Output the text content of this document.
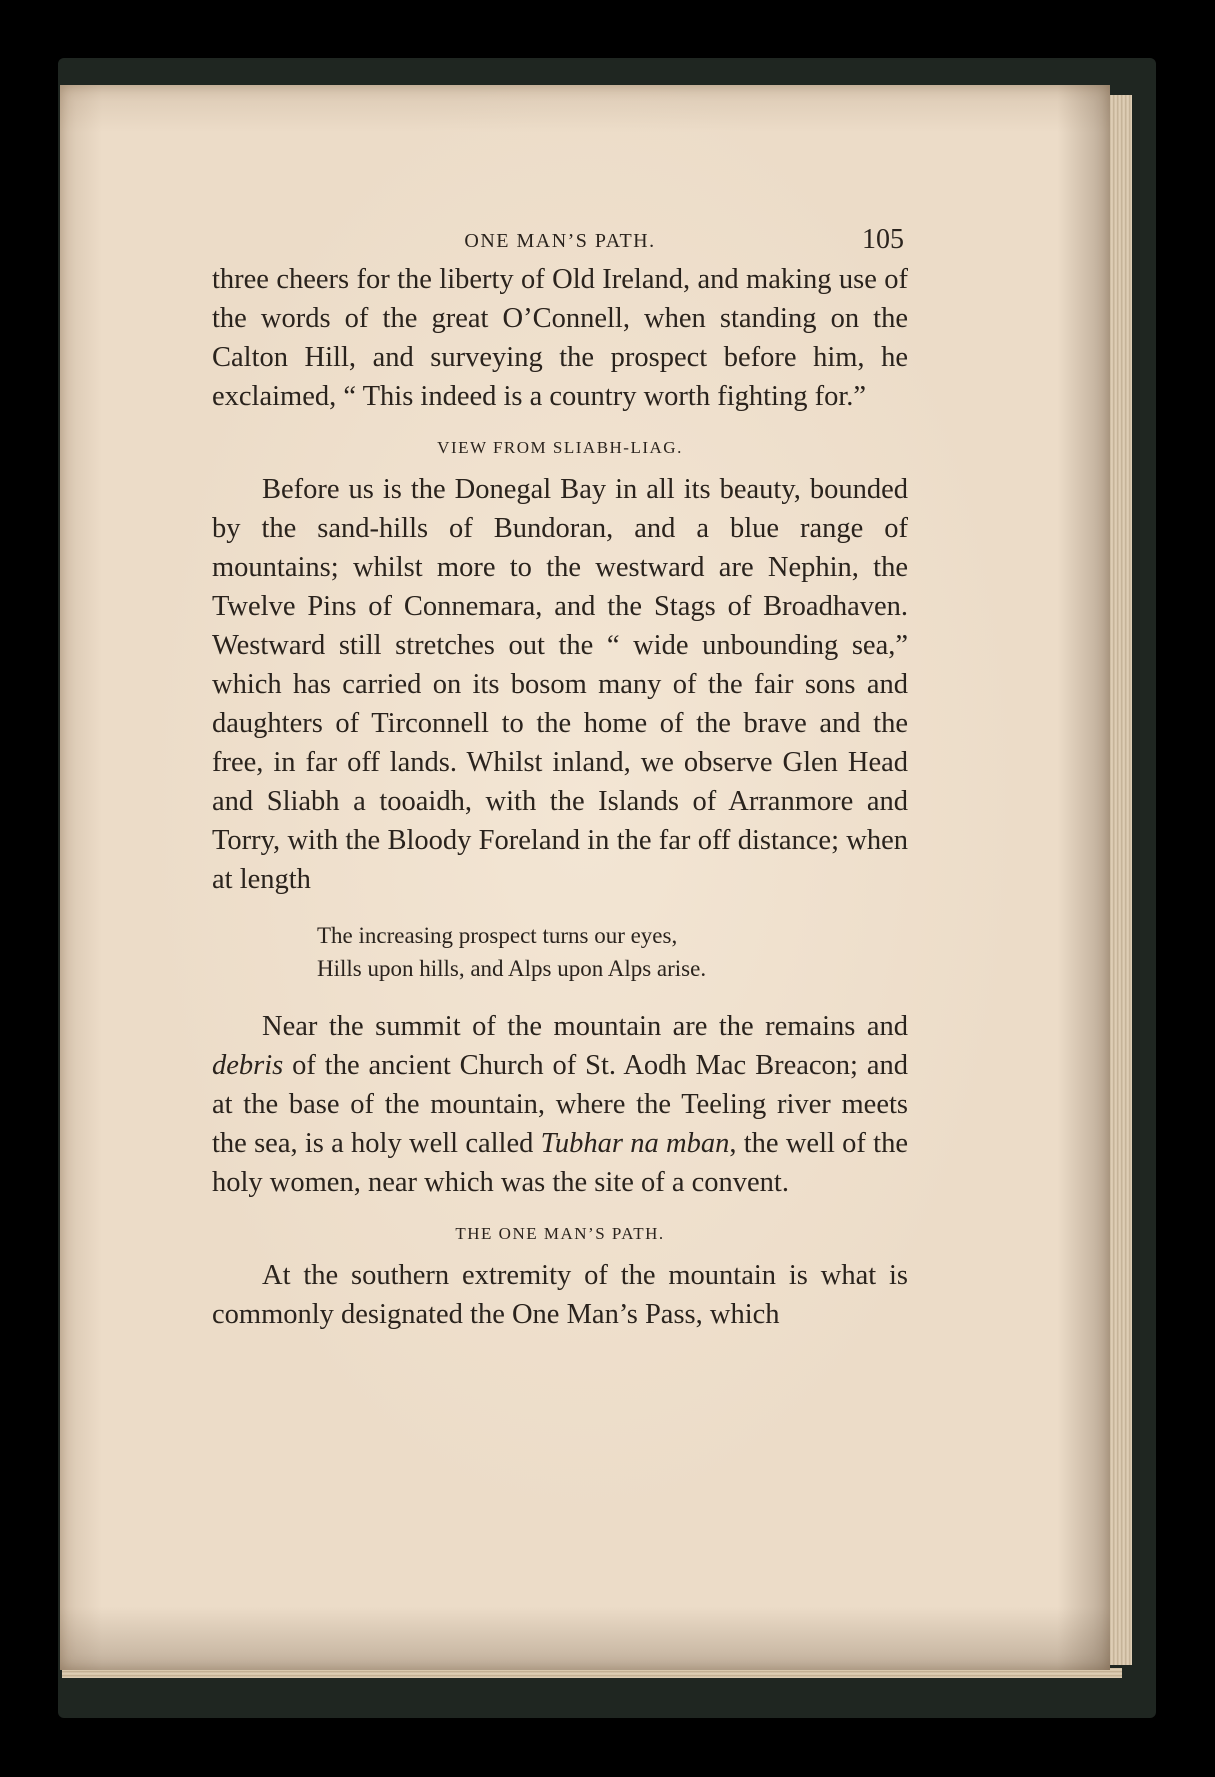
ONE MAN’S PATH.	105

three cheers for the liberty of Old Ireland, and making use of the words of the great O’Connell, when standing on the Calton Hill, and surveying the prospect before him, he exclaimed, “ This indeed is a country worth fighting for.”

VIEW FROM SLIABH-LIAG.

Before us is the Donegal Bay in all its beauty, bounded by the sand-hills of Bundoran, and a blue range of mountains; whilst more to the westward are Nephin, the Twelve Pins of Connemara, and the Stags of Broadhaven. Westward still stretches out the “ wide unbounding sea,” which has carried on its bosom many of the fair sons and daughters of Tirconnell to the home of the brave and the free, in far off lands. Whilst inland, we observe Glen Head and Sliabh a tooaidh, with the Islands of Arranmore and Torry, with the Bloody Foreland in the far off distance; when at length

The increasing prospect turns our eyes,
Hills upon hills, and Alps upon Alps arise.

Near the summit of the mountain are the remains and debris of the ancient Church of St. Aodh Mac Breacon; and at the base of the mountain, where the Teeling river meets the sea, is a holy well called Tubhar na mban, the well of the holy women, near which was the site of a convent.

THE ONE MAN’S PATH.

At the southern extremity of the mountain is what is commonly designated the One Man’s Pass, which
